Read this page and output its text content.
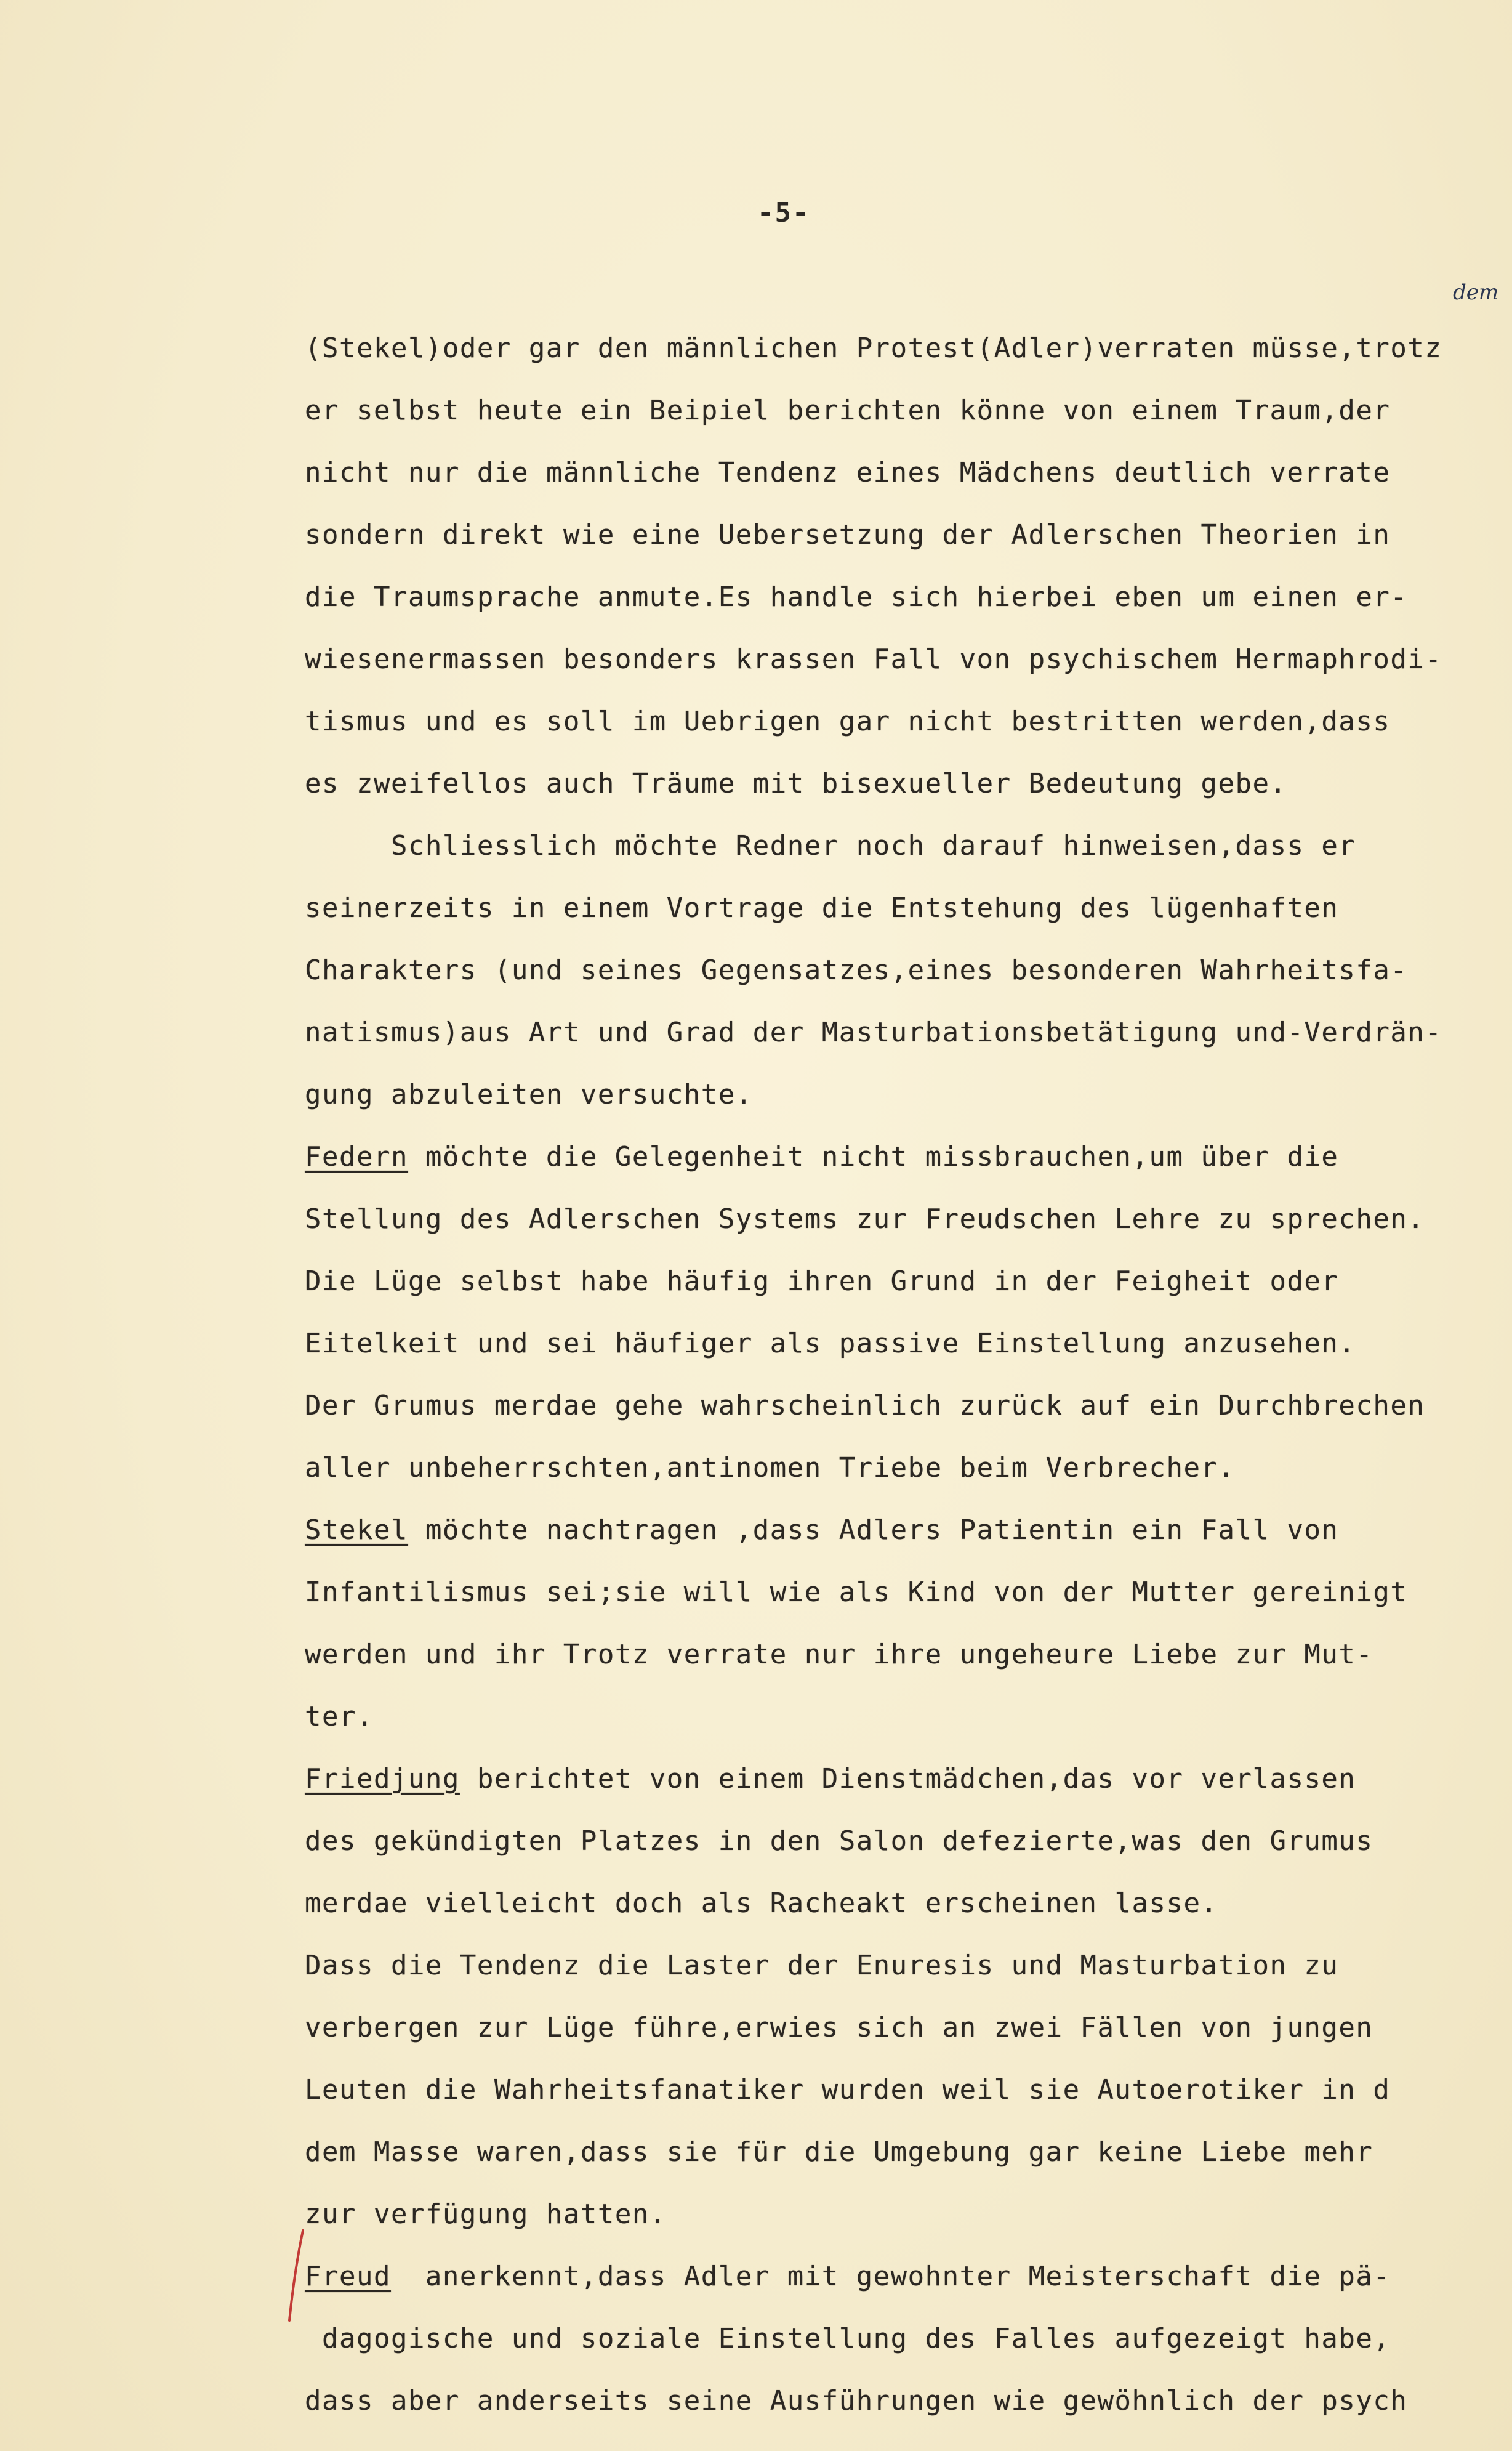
-5-
dem
(Stekel)oder gar den männlichen Protest(Adler)verraten müsse,trotz
er selbst heute ein Beipiel berichten könne von einem Traum,der
nicht nur die männliche Tendenz eines Mädchens deutlich verrate
sondern direkt wie eine Uebersetzung der Adlerschen Theorien in
die Traumsprache anmute.Es handle sich hierbei eben um einen er-
wiesenermassen besonders krassen Fall von psychischem Hermaphrodi-
tismus und es soll im Uebrigen gar nicht bestritten werden,dass
es zweifellos auch Träume mit bisexueller Bedeutung gebe.
Schliesslich möchte Redner noch darauf hinweisen,dass er
seinerzeits in einem Vortrage die Entstehung des lügenhaften
Charakters (und seines Gegensatzes,eines besonderen Wahrheitsfa-
natismus)aus Art und Grad der Masturbationsbetätigung und-Verdrän-
gung abzuleiten versuchte.
Federn möchte die Gelegenheit nicht missbrauchen,um über die
Stellung des Adlerschen Systems zur Freudschen Lehre zu sprechen.
Die Lüge selbst habe häufig ihren Grund in der Feigheit oder
Eitelkeit und sei häufiger als passive Einstellung anzusehen.
Der Grumus merdae gehe wahrscheinlich zurück auf ein Durchbrechen
aller unbeherrschten,antinomen Triebe beim Verbrecher.
Stekel möchte nachtragen ,dass Adlers Patientin ein Fall von
Infantilismus sei;sie will wie als Kind von der Mutter gereinigt
werden und ihr Trotz verrate nur ihre ungeheure Liebe zur Mut-
ter.
Friedjung berichtet von einem Dienstmädchen,das vor verlassen
des gekündigten Platzes in den Salon defezierte,was den Grumus
merdae vielleicht doch als Racheakt erscheinen lasse.
Dass die Tendenz die Laster der Enuresis und Masturbation zu
verbergen zur Lüge führe,erwies sich an zwei Fällen von jungen
Leuten die Wahrheitsfanatiker wurden weil sie Autoerotiker in d
dem Masse waren,dass sie für die Umgebung gar keine Liebe mehr
zur verfügung hatten.
Freud  anerkennt,dass Adler mit gewohnter Meisterschaft die pä-
dagogische und soziale Einstellung des Falles aufgezeigt habe,
dass aber anderseits seine Ausführungen wie gewöhnlich der psych
